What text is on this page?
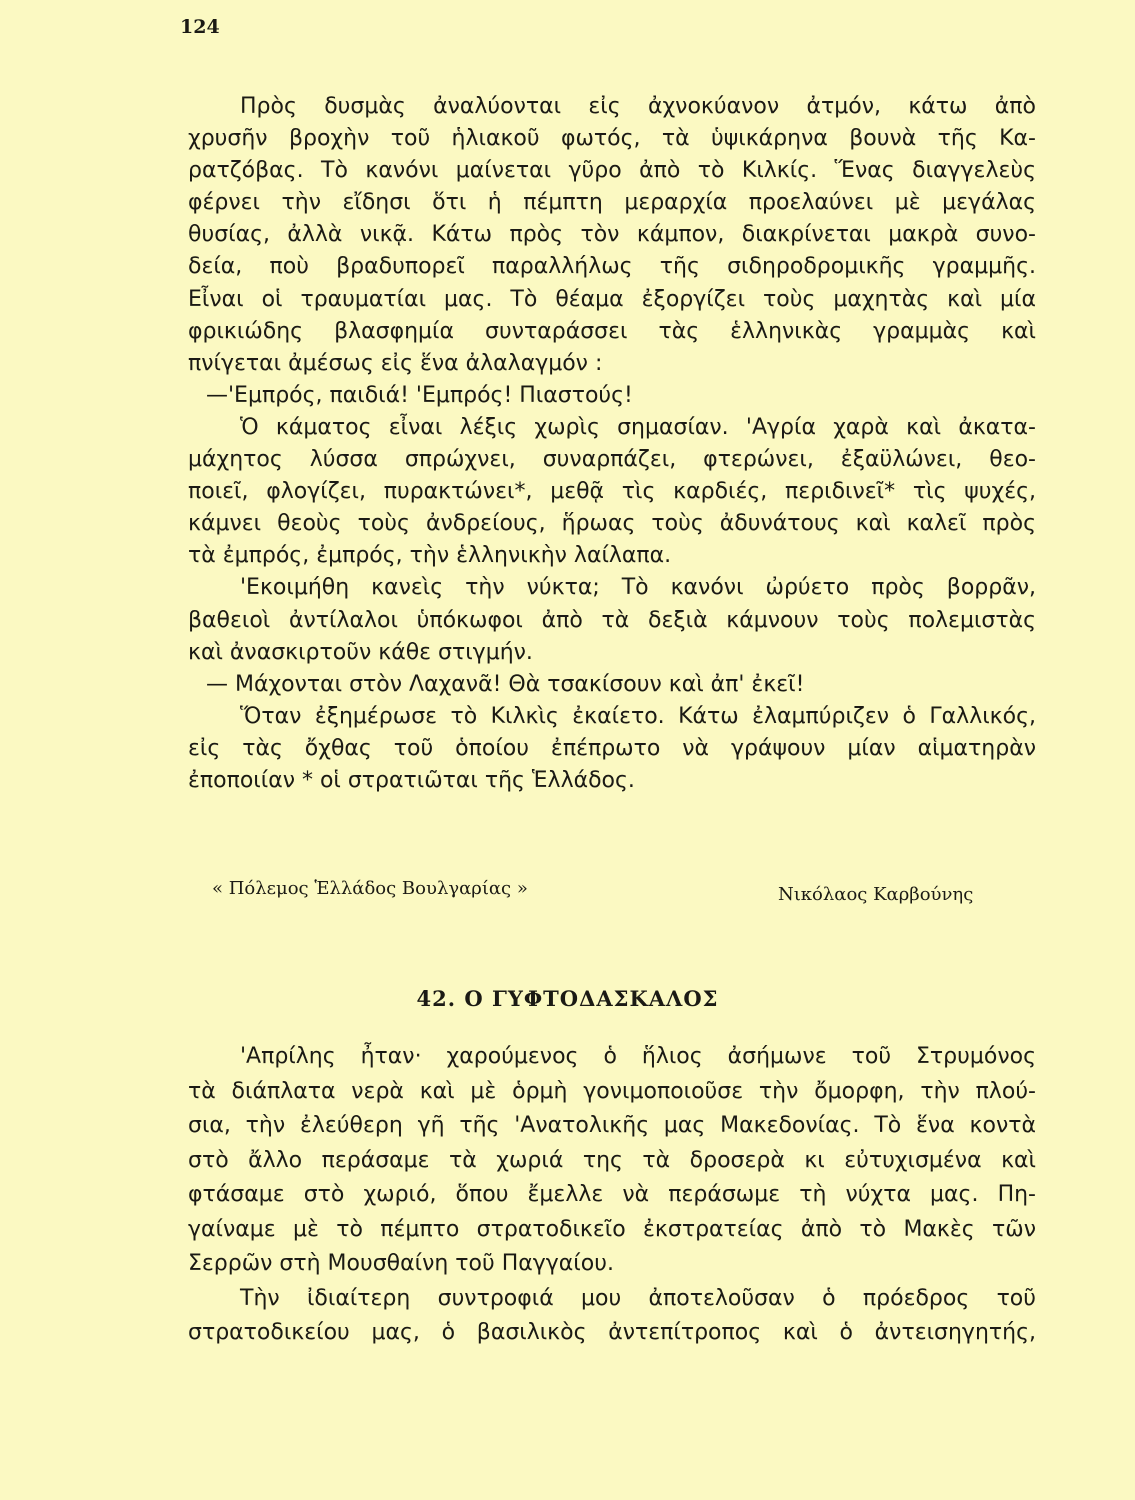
124
Πρὸς δυσμὰς ἀναλύονται εἰς ἀχνοκύανον ἀτμόν, κάτω ἀπὸ
χρυσῆν βροχὴν τοῦ ἡλιακοῦ φωτός, τὰ ὑψικάρηνα βουνὰ τῆς Κα-
ρατζόβας. Τὸ κανόνι μαίνεται γῦρο ἀπὸ τὸ Κιλκίς. Ἕνας διαγγελεὺς
φέρνει τὴν εἴδησι ὅτι ἡ πέμπτη μεραρχία προελαύνει μὲ μεγάλας
θυσίας, ἀλλὰ νικᾷ. Κάτω πρὸς τὸν κάμπον, διακρίνεται μακρὰ συνο-
δεία, ποὺ βραδυπορεῖ παραλλήλως τῆς σιδηροδρομικῆς γραμμῆς.
Εἶναι οἱ τραυματίαι μας. Τὸ θέαμα ἐξοργίζει τοὺς μαχητὰς καὶ μία
φρικιώδης βλασφημία συνταράσσει τὰς ἑλληνικὰς γραμμὰς καὶ
πνίγεται ἀμέσως εἰς ἕνα ἀλαλαγμόν :
—'Εμπρός, παιδιά! 'Εμπρός! Πιαστούς!
Ὁ κάματος εἶναι λέξις χωρὶς σημασίαν. 'Αγρία χαρὰ καὶ ἀκατα-
μάχητος λύσσα σπρώχνει, συναρπάζει, φτερώνει, ἐξαϋλώνει, θεο-
ποιεῖ, φλογίζει, πυρακτώνει*, μεθᾷ τὶς καρδιές, περιδινεῖ* τὶς ψυχές,
κάμνει θεοὺς τοὺς ἀνδρείους, ἥρωας τοὺς ἀδυνάτους καὶ καλεῖ πρὸς
τὰ ἐμπρός, ἐμπρός, τὴν ἑλληνικὴν λαίλαπα.
'Εκοιμήθη κανεὶς τὴν νύκτα; Τὸ κανόνι ὠρύετο πρὸς βορρᾶν,
βαθειοὶ ἀντίλαλοι ὑπόκωφοι ἀπὸ τὰ δεξιὰ κάμνουν τοὺς πολεμιστὰς
καὶ ἀνασκιρτοῦν κάθε στιγμήν.
— Μάχονται στὸν Λαχανᾶ! Θὰ τσακίσουν καὶ ἀπ' ἐκεῖ!
Ὅταν ἐξημέρωσε τὸ Κιλκὶς ἐκαίετο. Κάτω ἐλαμπύριζεν ὁ Γαλλικός,
εἰς τὰς ὄχθας τοῦ ὁποίου ἐπέπρωτο νὰ γράψουν μίαν αἱματηρὰν
ἐποποιίαν * οἱ στρατιῶται τῆς Ἑλλάδος.
« Πόλεμος Ἑλλάδος Βουλγαρίας »	Νικόλαος Καρβούνης
42. Ο ΓΥΦΤΟΔΑΣΚΑΛΟΣ
'Απρίλης ἦταν· χαρούμενος ὁ ἥλιος ἀσήμωνε τοῦ Στρυμόνος
τὰ διάπλατα νερὰ καὶ μὲ ὁρμὴ γονιμοποιοῦσε τὴν ὄμορφη, τὴν πλού-
σια, τὴν ἐλεύθερη γῆ τῆς 'Ανατολικῆς μας Μακεδονίας. Τὸ ἕνα κοντὰ
στὸ ἄλλο περάσαμε τὰ χωριά της τὰ δροσερὰ κι εὐτυχισμένα καὶ
φτάσαμε στὸ χωριό, ὅπου ἔμελλε νὰ περάσωμε τὴ νύχτα μας. Πη-
γαίναμε μὲ τὸ πέμπτο στρατοδικεῖο ἐκστρατείας ἀπὸ τὸ Μακὲς τῶν
Σερρῶν στὴ Μουσθαίνη τοῦ Παγγαίου.
Τὴν ἰδιαίτερη συντροφιά μου ἀποτελοῦσαν ὁ πρόεδρος τοῦ
στρατοδικείου μας, ὁ βασιλικὸς ἀντεπίτροπος καὶ ὁ ἀντεισηγητής,
